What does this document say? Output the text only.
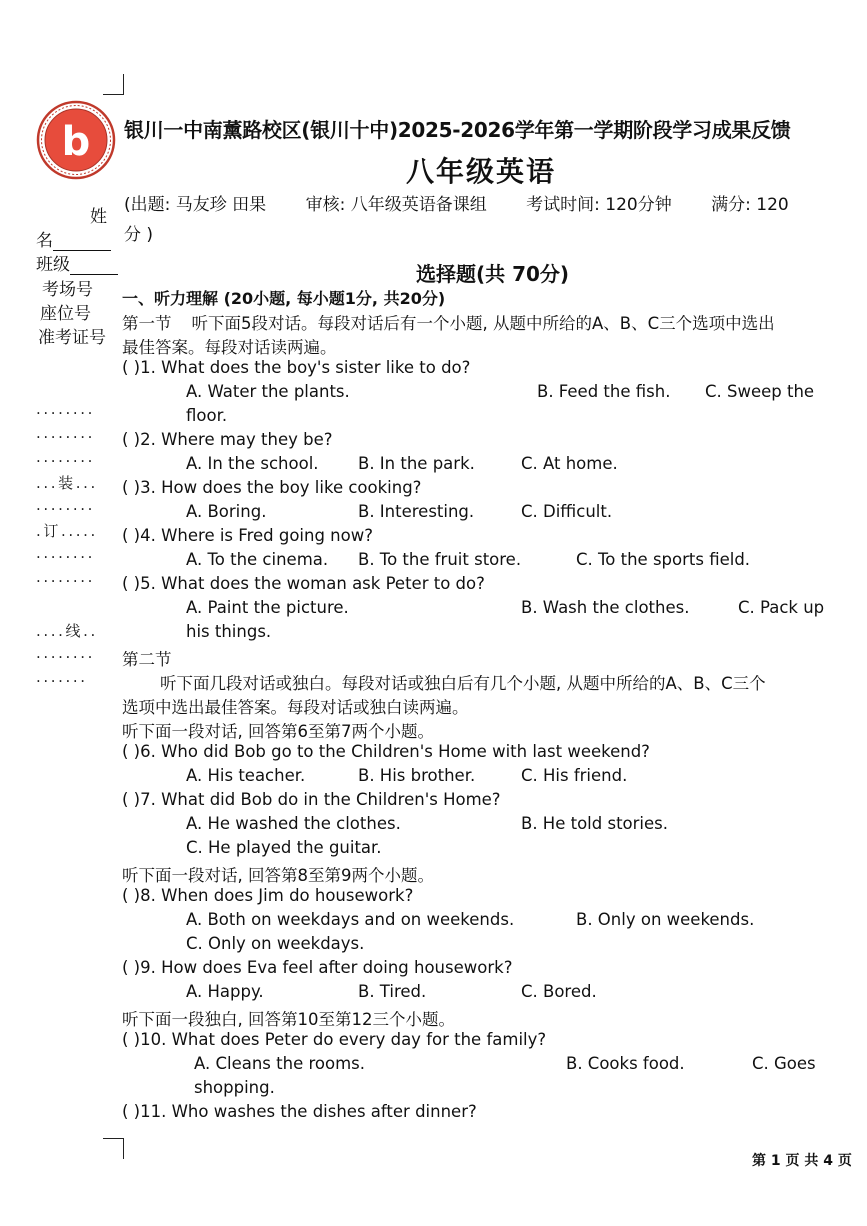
b 银川一中南薰路校区(银川十中)2025-2026学年第一学期阶段学习成果反馈
八年级英语
(出题: 马友珍 田果 审核: 八年级英语备课组 考试时间: 120分钟 满分: 120
分 )
姓
名
班级
考场号
座位号
准考证号
........
........
........
...装...
........
.订.....
........
........
....线..
........
.......
选择题(共 70分)
一、听力理解 (20小题, 每小题1分, 共20分)
第一节 听下面5段对话。每段对话后有一个小题, 从题中所给的A、B、C三个选项中选出
最佳答案。每段对话读两遍。
( )1. What does the boy's sister like to do?
A. Water the plants.	B. Feed the fish. C. Sweep the
floor.
( )2. Where may they be?
A. In the school. B. In the park.	C. At home.
( )3. How does the boy like cooking?
A. Boring.	B. Interesting.	C. Difficult.
( )4. Where is Fred going now?
A. To the cinema. B. To the fruit store.	C. To the sports field.
( )5. What does the woman ask Peter to do?
A. Paint the picture.	B. Wash the clothes.	C. Pack up
his things.
第二节
听下面几段对话或独白。每段对话或独白后有几个小题, 从题中所给的A、B、C三个
选项中选出最佳答案。每段对话或独白读两遍。
听下面一段对话, 回答第6至第7两个小题。
( )6. Who did Bob go to the Children's Home with last weekend?
A. His teacher.	B. His brother.	C. His friend.
( )7. What did Bob do in the Children's Home?
A. He washed the clothes.	B. He told stories.
C. He played the guitar.
听下面一段对话, 回答第8至第9两个小题。
( )8. When does Jim do housework?
A. Both on weekdays and on weekends.	B. Only on weekends.
C. Only on weekdays.
( )9. How does Eva feel after doing housework?
A. Happy.	B. Tired.	C. Bored.
听下面一段独白, 回答第10至第12三个小题。
( )10. What does Peter do every day for the family?
A. Cleans the rooms.	B. Cooks food.	C. Goes
shopping.
( )11. Who washes the dishes after dinner?
第 1 页 共 4 页
